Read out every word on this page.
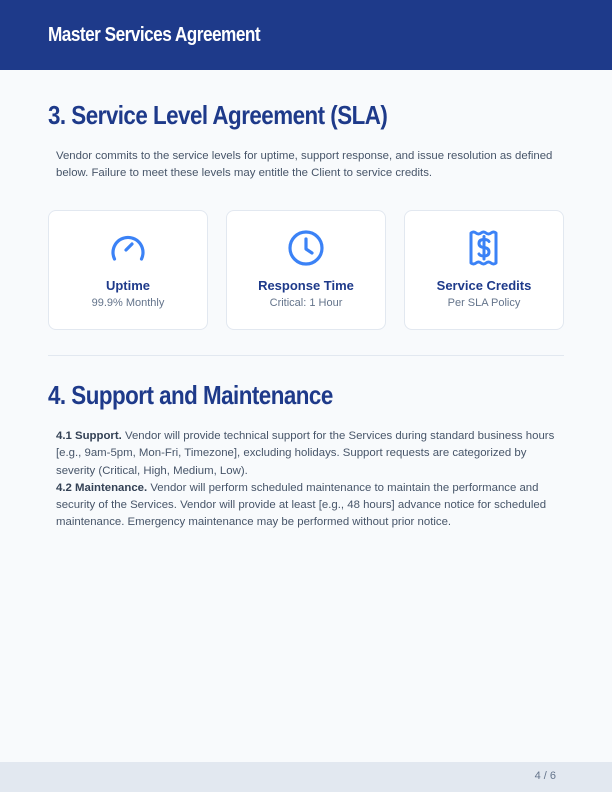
Master Services Agreement
3. Service Level Agreement (SLA)

Vendor commits to the service levels for uptime, support response, and issue resolution as defined below. Failure to meet these levels may entitle the Client to service credits.

Uptime
99.9% Monthly
Response Time
Critical: 1 Hour
Service Credits
Per SLA Policy
4. Support and Maintenance
4.1 Support. Vendor will provide technical support for the Services during standard business hours [e.g., 9am-5pm, Mon-Fri, Timezone], excluding holidays. Support requests are categorized by severity (Critical, High, Medium, Low).
4.2 Maintenance. Vendor will perform scheduled maintenance to maintain the performance and security of the Services. Vendor will provide at least [e.g., 48 hours] advance notice for scheduled maintenance. Emergency maintenance may be performed without prior notice.
4 / 6
